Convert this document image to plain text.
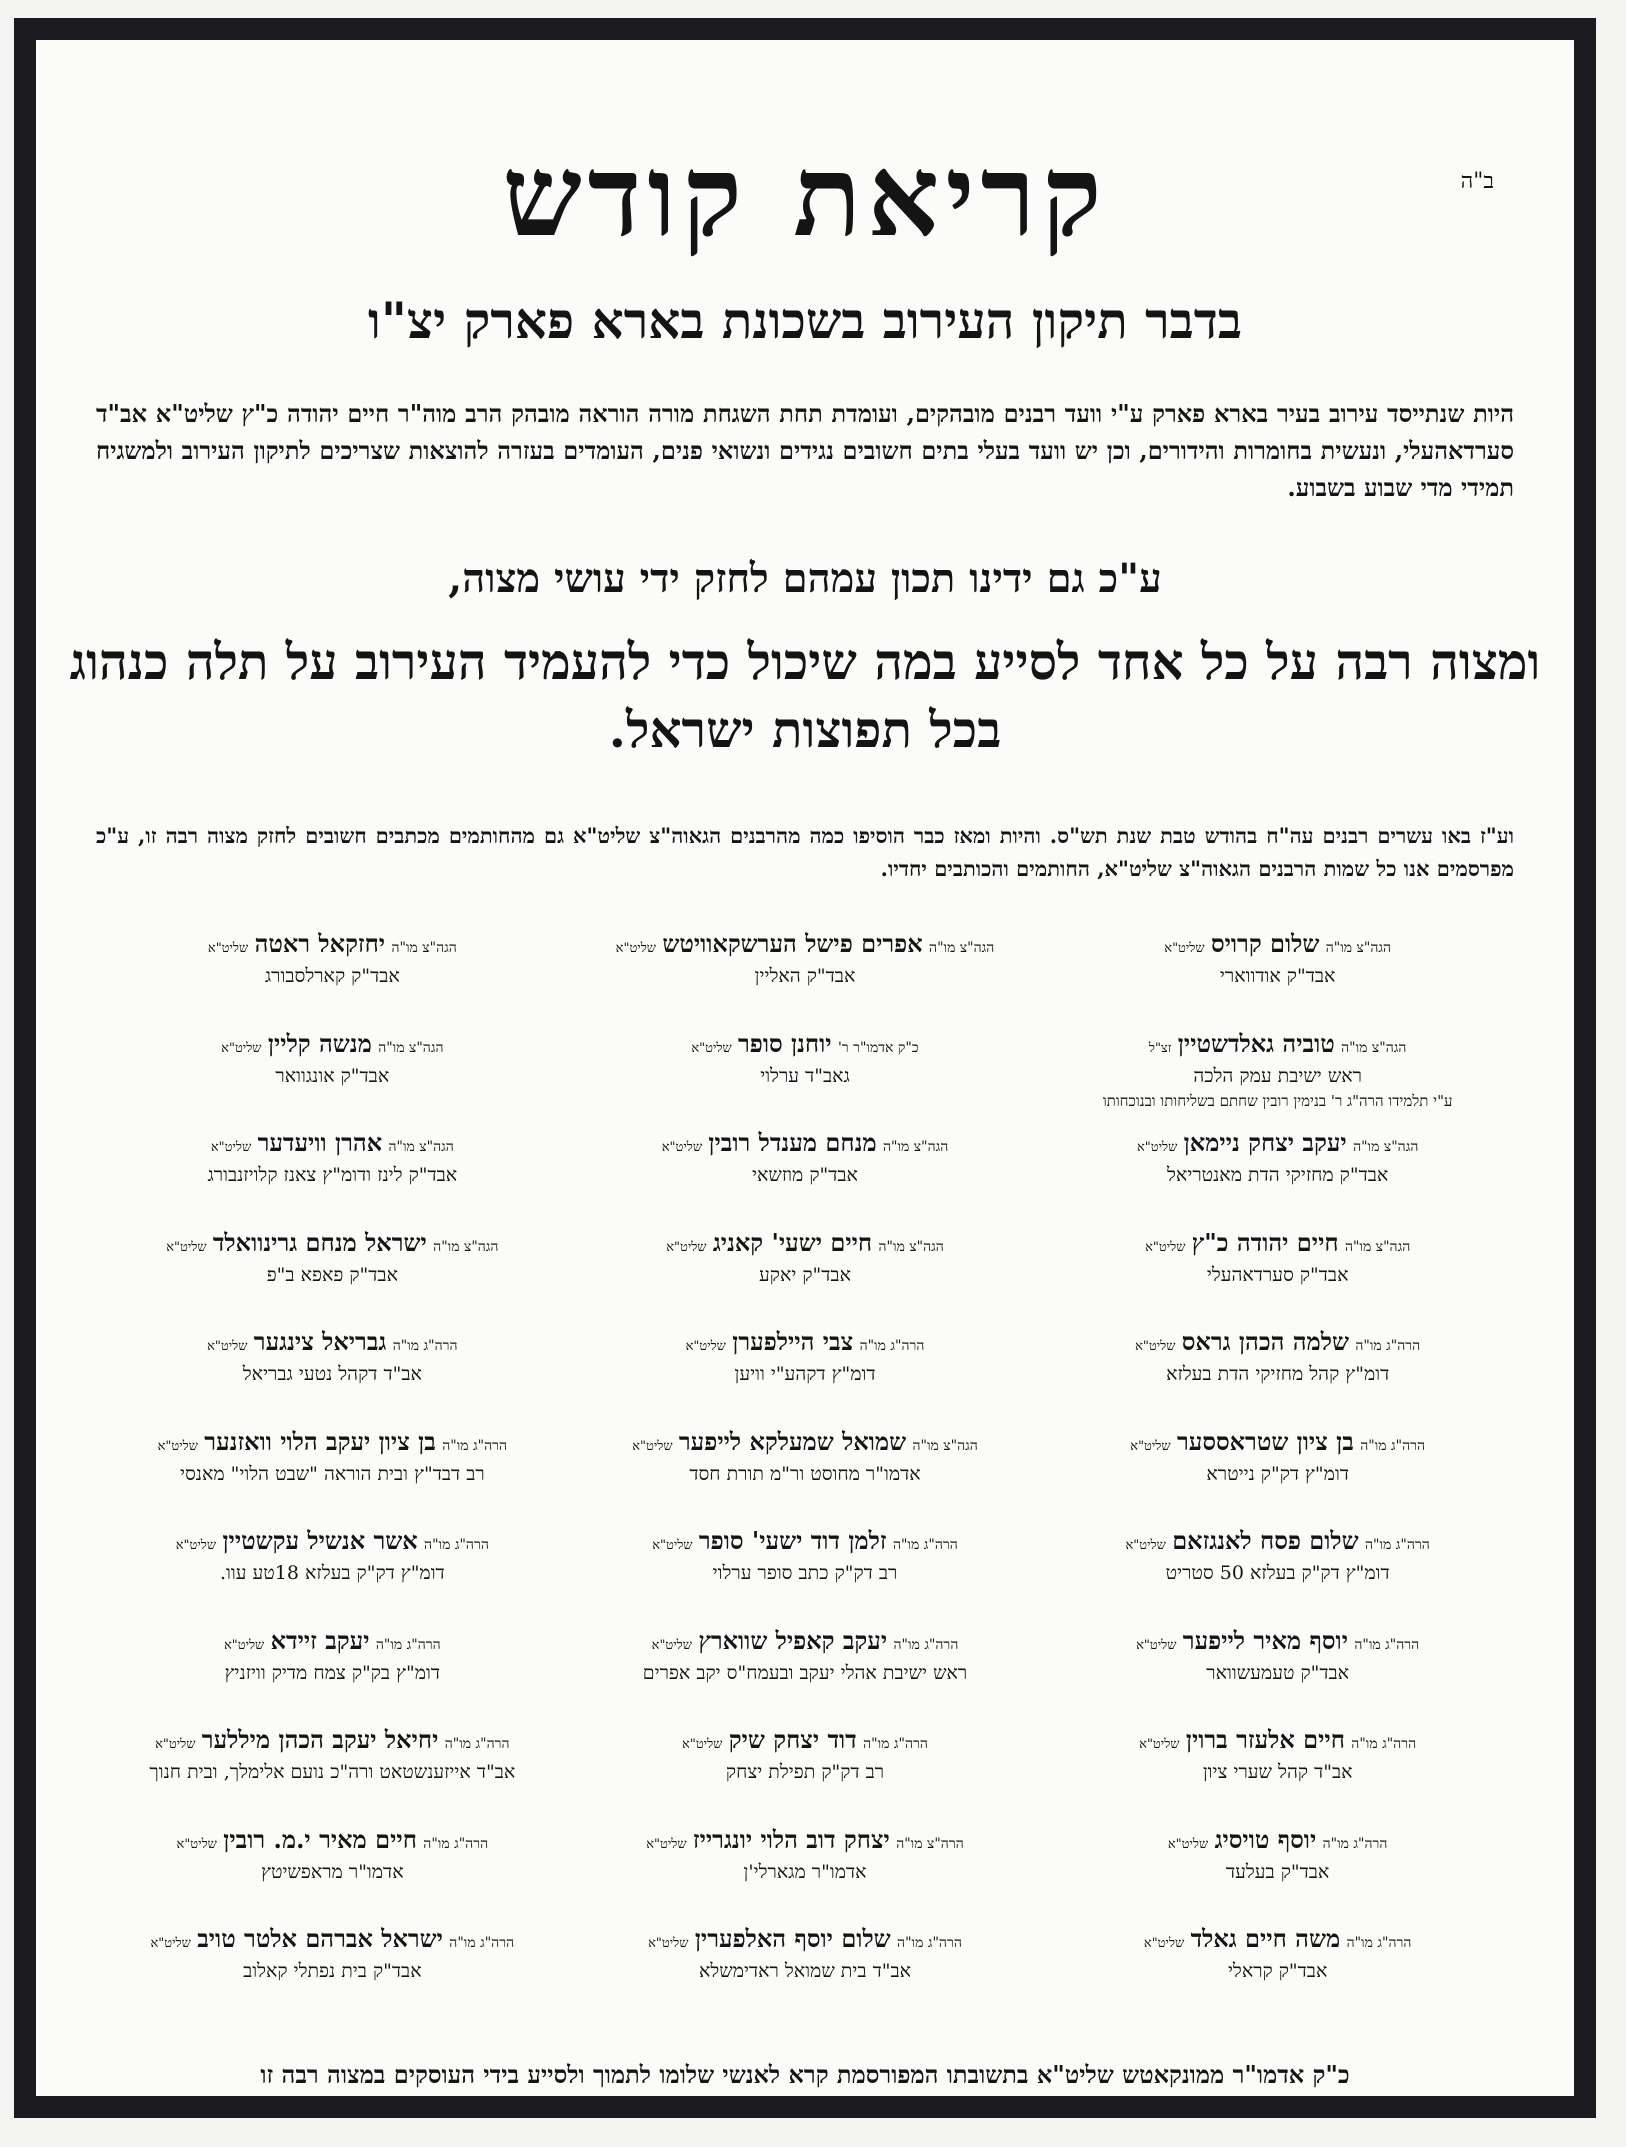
ב"ה
קריאת קודש
בדבר תיקון העירוב בשכונת בארא פארק יצ"ו
היות שנתייסד עירוב בעיר בארא פארק ע"י וועד רבנים מובהקים, ועומדת תחת השגחת מורה הוראה מובהק הרב מוה"ר חיים יהודה כ"ץ שליט"א אב"ד סערדאהעלי, ונעשית בחומרות והידורים, וכן יש וועד בעלי בתים חשובים נגידים ונשואי פנים, העומדים בעזרה להוצאות שצריכים לתיקון העירוב ולמשגיח תמידי מדי שבוע בשבוע.
ע"כ גם ידינו תכון עמהם לחזק ידי עושי מצוה,
ומצוה רבה על כל אחד לסייע במה שיכול כדי להעמיד העירוב על תלה כנהוג בכל תפוצות ישראל.
וע"ז באו עשרים רבנים עה"ח בהודש טבת שנת תש"ס. והיות ומאז כבר הוסיפו כמה מהרבנים הגאוה"צ שליט"א גם מהחותמים מכתבים חשובים לחזק מצוה רבה זו, ע"כ מפרסמים אנו כל שמות הרבנים הגאוה"צ שליט"א, החותמים והכותבים יחדיו.
הגה"צ מו"ה שלום קרויס שליט"א
אבד"ק אודווארי
הגה"צ מו"ה טוביה גאלדשטיין זצ"ל
ראש ישיבת עמק הלכה
ע"י תלמידו הרה"ג ר' בנימין רובין שחתם בשליחותו ובנוכחותו
הגה"צ מו"ה יעקב יצחק ניימאן שליט"א
אבד"ק מחזיקי הדת מאנטריאל
הגה"צ מו"ה חיים יהודה כ"ץ שליט"א
אבד"ק סערדאהעלי
הרה"ג מו"ה שלמה הכהן גראס שליט"א
דומ"ץ קהל מחזיקי הדת בעלזא
הרה"ג מו"ה בן ציון שטראססער שליט"א
דומ"ץ דק"ק נייטרא
הרה"ג מו"ה שלום פסח לאנגזאם שליט"א
דומ"ץ דק"ק בעלזא 50 סטריט
הרה"ג מו"ה יוסף מאיר לייפער שליט"א
אבד"ק טעמעשוואר
הרה"ג מו"ה חיים אלעזר ברוין שליט"א
אב"ד קהל שערי ציון
הרה"ג מו"ה יוסף טויסיג שליט"א
אבד"ק בעלעד
הרה"ג מו"ה משה חיים גאלד שליט"א
אבד"ק קראלי
הגה"צ מו"ה אפרים פישל הערשקאוויטש שליט"א
אבד"ק האליין
כ"ק אדמו"ר ר' יוחנן סופר שליט"א
גאב"ד ערלוי
הגה"צ מו"ה מנחם מענדל רובין שליט"א
אבד"ק מוזשאי
הגה"צ מו"ה חיים ישעי' קאניג שליט"א
אבד"ק יאקע
הרה"ג מו"ה צבי היילפערן שליט"א
דומ"ץ דקהע"י וויען
הגה"צ מו"ה שמואל שמעלקא לייפער שליט"א
אדמו"ר מחוסט ור"מ תורת חסד
הרה"ג מו"ה זלמן דוד ישעי' סופר שליט"א
רב דק"ק כתב סופר ערלוי
הרה"ג מו"ה יעקב קאפיל שווארץ שליט"א
ראש ישיבת אהלי יעקב ובעמח"ס יקב אפרים
הרה"ג מו"ה דוד יצחק שיק שליט"א
רב דק"ק תפילת יצחק
הרה"צ מו"ה יצחק דוב הלוי יונגרייז שליט"א
אדמו"ר מגארלי'ן
הרה"ג מו"ה שלום יוסף האלפערין שליט"א
אב"ד בית שמואל ראדימשלא
הגה"צ מו"ה יחזקאל ראטה שליט"א
אבד"ק קארלסבורג
הגה"צ מו"ה מנשה קליין שליט"א
אבד"ק אונגוואר
הגה"צ מו"ה אהרן וויעדער שליט"א
אבד"ק לינז ודומ"ץ צאנז קלויזנבורג
הגה"צ מו"ה ישראל מנחם גרינוואלד שליט"א
אבד"ק פאפא ב"פ
הרה"ג מו"ה גבריאל צינגער שליט"א
אב"ד דקהל נטעי גבריאל
הרה"ג מו"ה בן ציון יעקב הלוי וואזנער שליט"א
רב דבד"ץ ובית הוראה "שבט הלוי" מאנסי
הרה"ג מו"ה אשר אנשיל עקשטיין שליט"א
דומ"ץ דק"ק בעלזא 18טע עוו.
הרה"ג מו"ה יעקב זיידא שליט"א
דומ"ץ בק"ק צמח מדיק וויזניץ
הרה"ג מו"ה יחיאל יעקב הכהן מיללער שליט"א
אב"ד אייזענשטאט ורה"כ נועם אלימלך, ובית חנוך
הרה"ג מו"ה חיים מאיר י.מ. רובין שליט"א
אדמו"ר מראפשיטץ
הרה"ג מו"ה ישראל אברהם אלטר טויב שליט"א
אבד"ק בית נפתלי קאלוב
כ"ק אדמו"ר ממונקאטש שליט"א בתשובתו המפורסמת קרא לאנשי שלומו לתמוך ולסייע בידי העוסקים במצוה רבה זו
